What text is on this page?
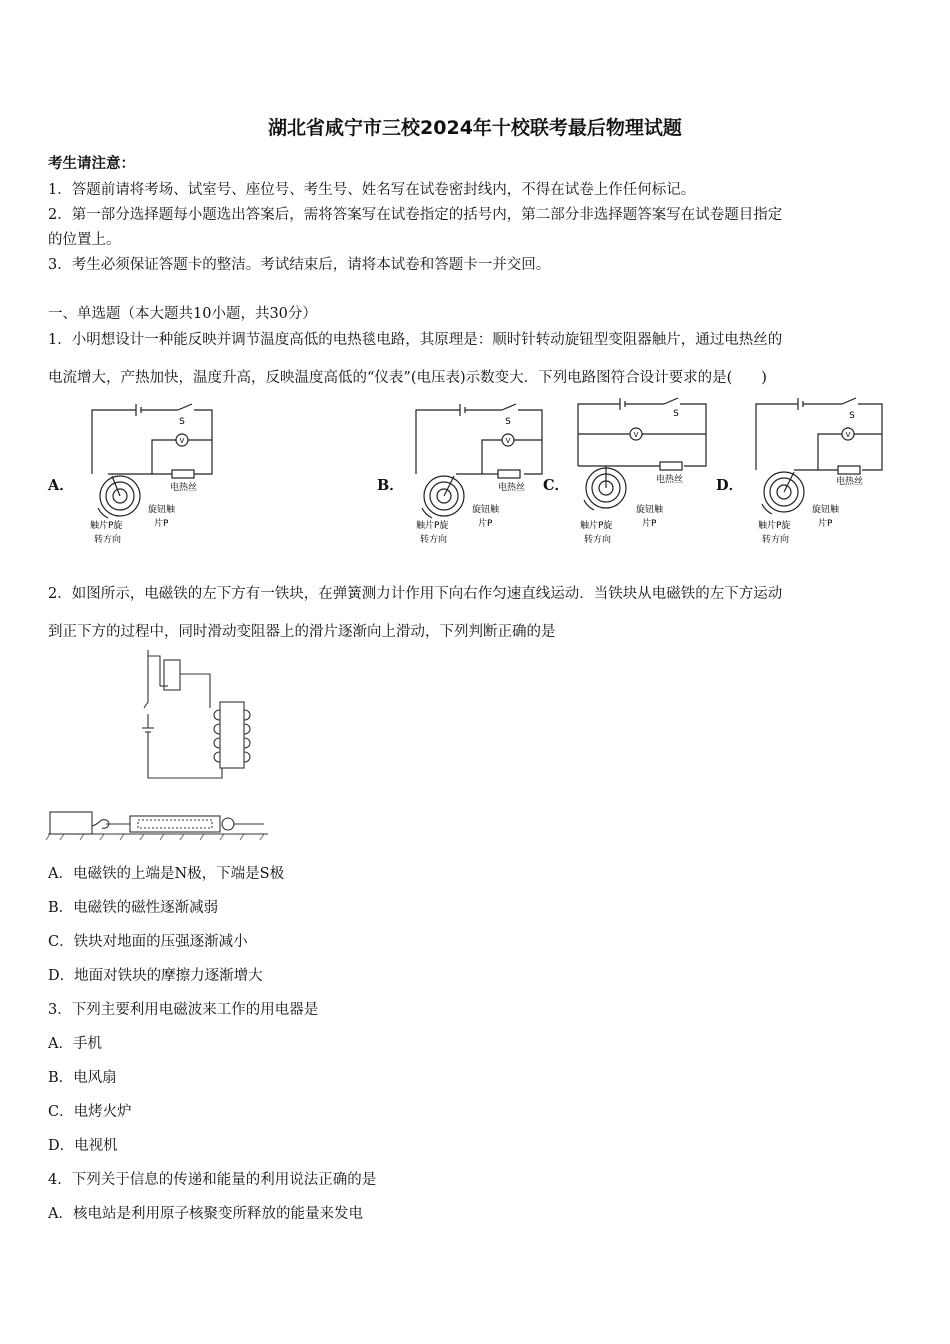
湖北省咸宁市三校2024年十校联考最后物理试题
考生请注意：
1．答题前请将考场、试室号、座位号、考生号、姓名写在试卷密封线内，不得在试卷上作任何标记。
2．第一部分选择题每小题选出答案后，需将答案写在试卷指定的括号内，第二部分非选择题答案写在试卷题目指定
的位置上。
3．考生必须保证答题卡的整洁。考试结束后，请将本试卷和答题卡一并交回。
一、单选题（本大题共10小题，共30分）
1．小明想设计一种能反映并调节温度高低的电热毯电路，其原理是：顺时针转动旋钮型变阻器触片，通过电热丝的
电流增大，产热加快，温度升高，反映温度高低的“仪表”(电压表)示数变大．下列电路图符合设计要求的是(　　)
A．	B．	C．	D．
S
V
电热丝
旋钮触
片P
触片P旋
转方向
S
V
电热丝
旋钮触
片P
触片P旋
转方向
S
V
电热丝
旋钮触
片P
触片P旋
转方向
S
V
电热丝
旋钮触
片P
触片P旋
转方向
2．如图所示，电磁铁的左下方有一铁块，在弹簧测力计作用下向右作匀速直线运动．当铁块从电磁铁的左下方运动
到正下方的过程中，同时滑动变阻器上的滑片逐渐向上滑动，下列判断正确的是
A．电磁铁的上端是N极，下端是S极
B．电磁铁的磁性逐渐减弱
C．铁块对地面的压强逐渐减小
D．地面对铁块的摩擦力逐渐增大
3．下列主要利用电磁波来工作的用电器是
A．手机
B．电风扇
C．电烤火炉
D．电视机
4．下列关于信息的传递和能量的利用说法正确的是
A．核电站是利用原子核聚变所释放的能量来发电
